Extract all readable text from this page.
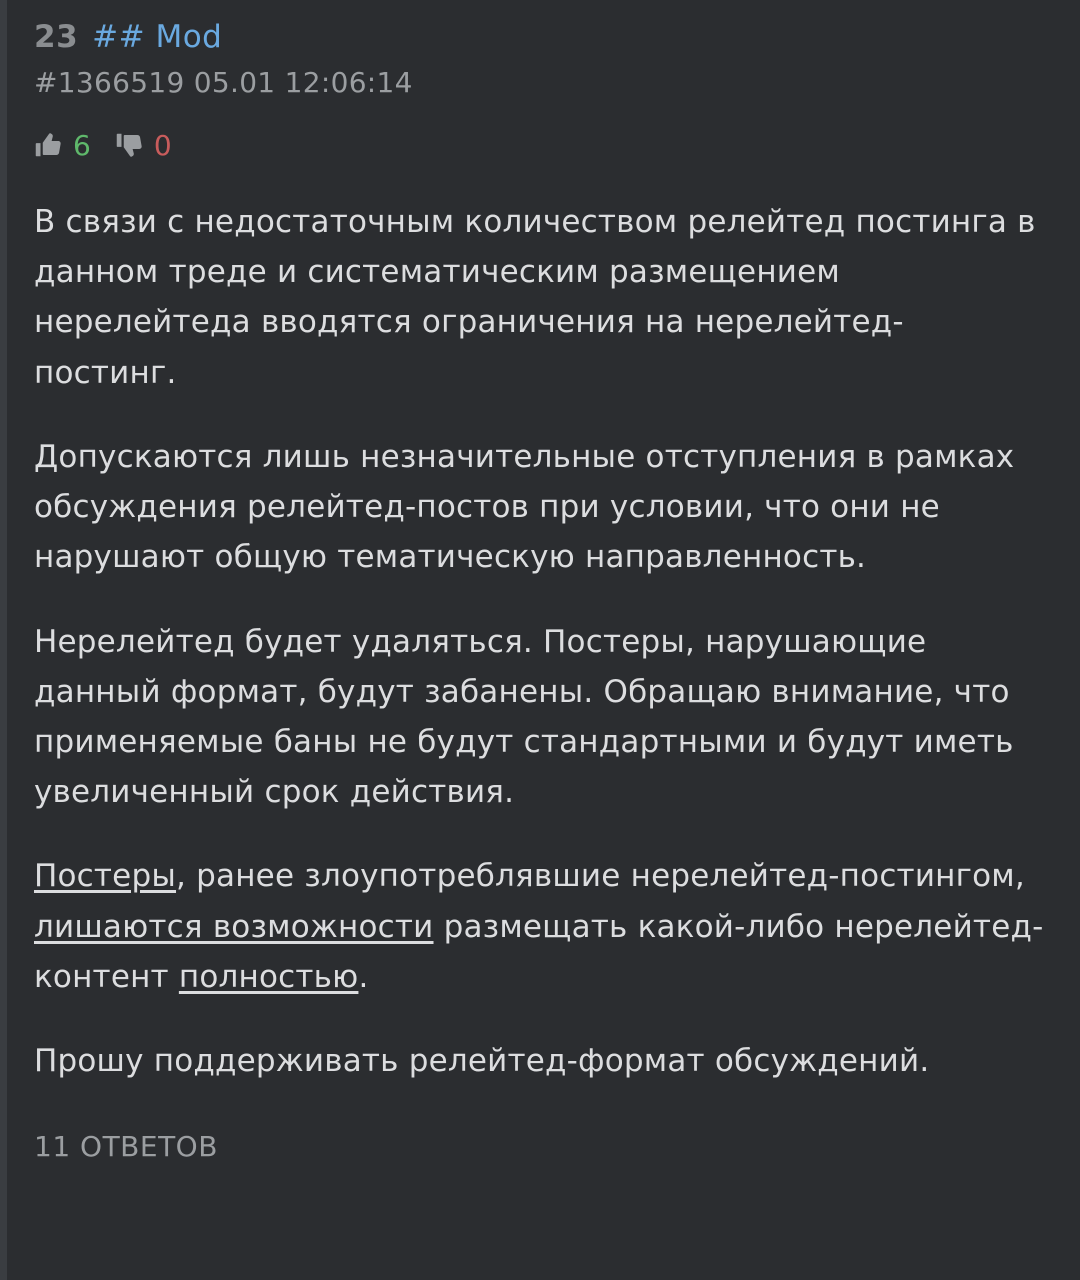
23 ## Mod
#1366519 05.01 12:06:14
6 0

В связи с недостаточным количеством релейтед постинга в данном треде и систематическим размещением нерелейтеда вводятся ограничения на нерелейтед-постинг.

Допускаются лишь незначительные отступления в рамках обсуждения релейтед-постов при условии, что они не нарушают общую тематическую направленность.

Нерелейтед будет удаляться. Постеры, нарушающие данный формат, будут забанены. Обращаю внимание, что применяемые баны не будут стандартными и будут иметь увеличенный срок действия.

Постеры, ранее злоупотреблявшие нерелейтед-постингом, лишаются возможности размещать какой-либо нерелейтед-контент полностью.

Прошу поддерживать релейтед-формат обсуждений.

11 ОТВЕТОВ
